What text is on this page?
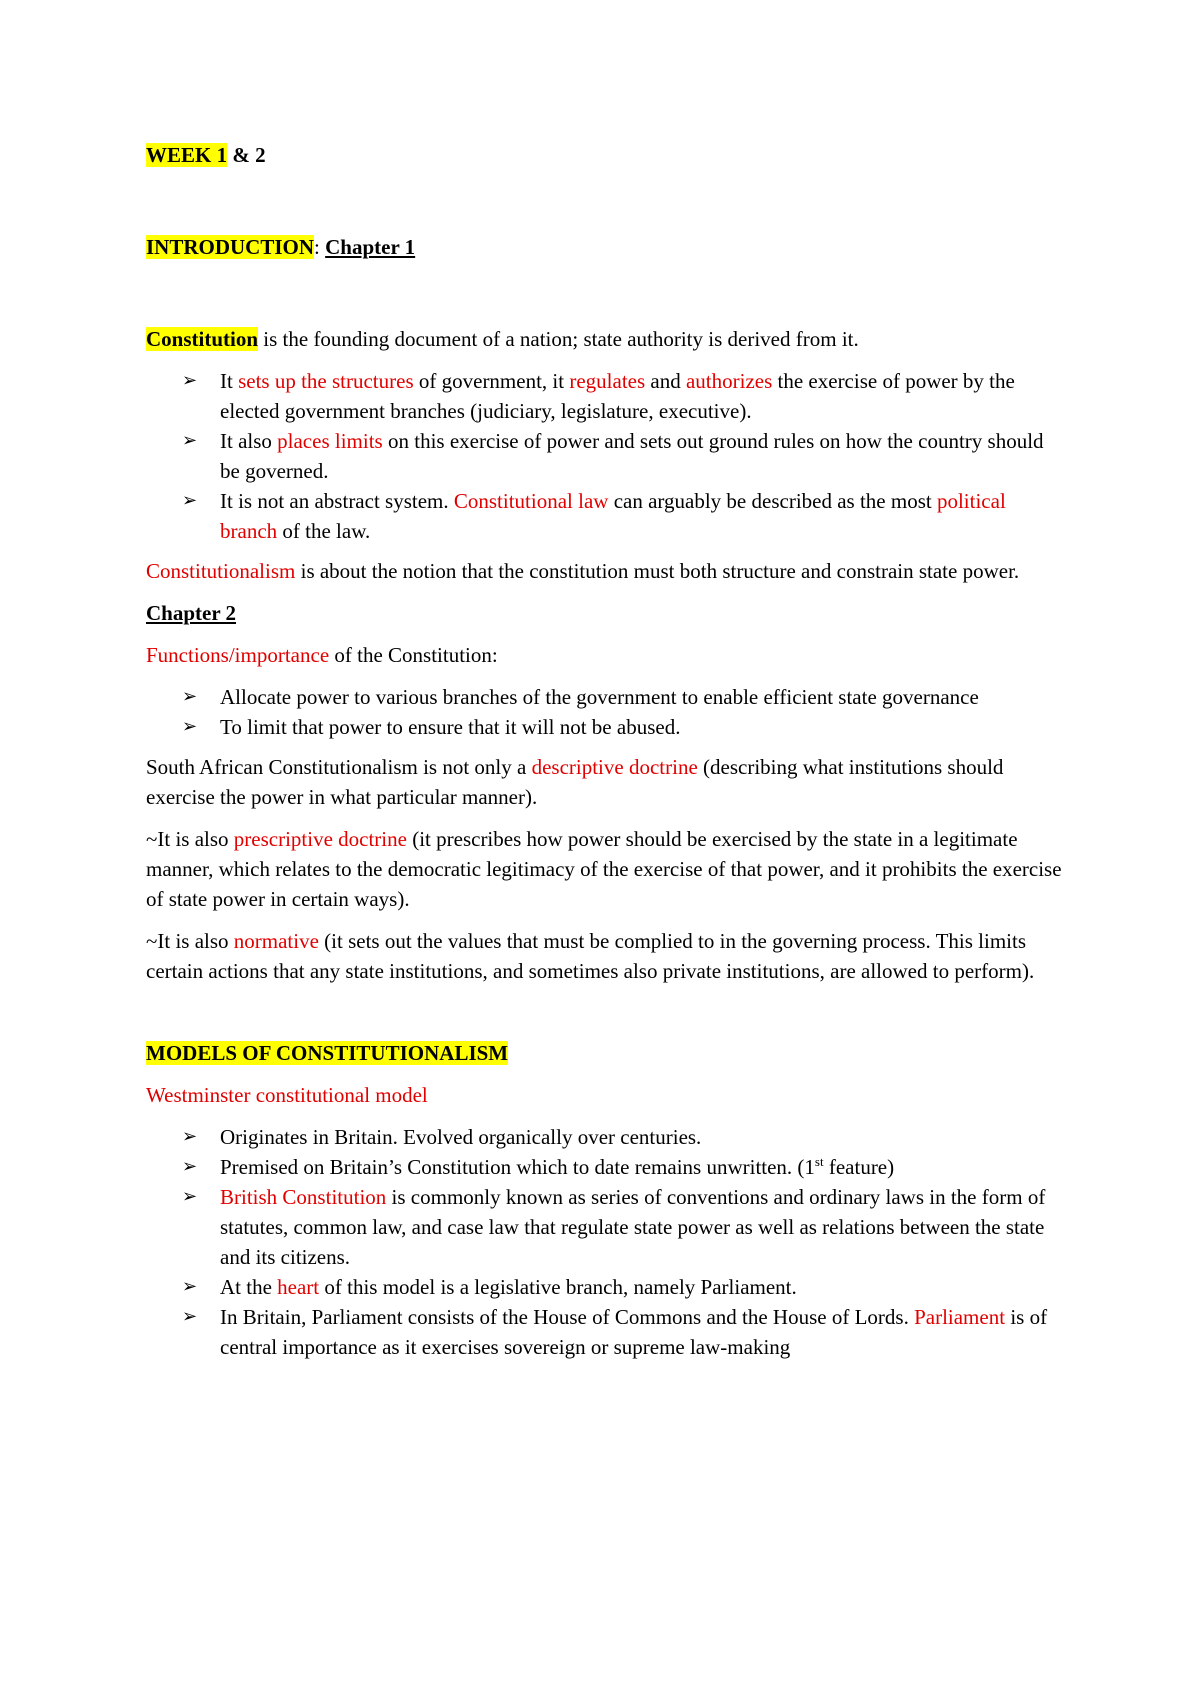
WEEK 1 & 2

INTRODUCTION: Chapter 1

Constitution is the founding document of a nation; state authority is derived from it.

➢ It sets up the structures of government, it regulates and authorizes the exercise of power by the elected government branches (judiciary, legislature, executive).
➢ It also places limits on this exercise of power and sets out ground rules on how the country should be governed.
➢ It is not an abstract system. Constitutional law can arguably be described as the most political branch of the law.

Constitutionalism is about the notion that the constitution must both structure and constrain state power.

Chapter 2

Functions/importance of the Constitution:

➢ Allocate power to various branches of the government to enable efficient state governance
➢ To limit that power to ensure that it will not be abused.

South African Constitutionalism is not only a descriptive doctrine (describing what institutions should exercise the power in what particular manner).

~It is also prescriptive doctrine (it prescribes how power should be exercised by the state in a legitimate manner, which relates to the democratic legitimacy of the exercise of that power, and it prohibits the exercise of state power in certain ways).

~It is also normative (it sets out the values that must be complied to in the governing process. This limits certain actions that any state institutions, and sometimes also private institutions, are allowed to perform).

MODELS OF CONSTITUTIONALISM

Westminster constitutional model

➢ Originates in Britain. Evolved organically over centuries.
➢ Premised on Britain’s Constitution which to date remains unwritten. (1st feature)
➢ British Constitution is commonly known as series of conventions and ordinary laws in the form of statutes, common law, and case law that regulate state power as well as relations between the state and its citizens.
➢ At the heart of this model is a legislative branch, namely Parliament.
➢ In Britain, Parliament consists of the House of Commons and the House of Lords. Parliament is of central importance as it exercises sovereign or supreme law-making
